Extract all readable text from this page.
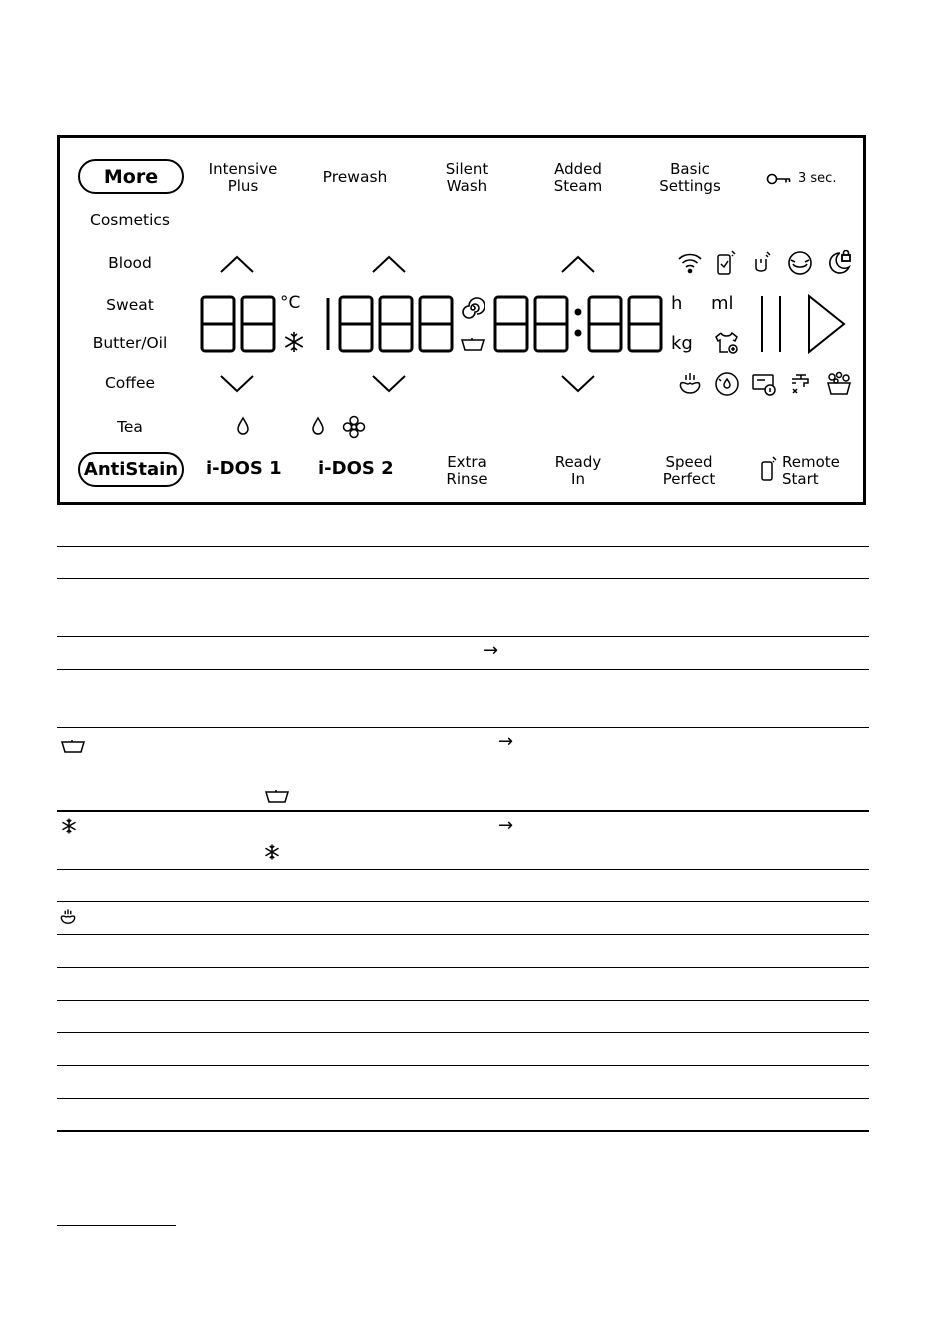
More	Intensive
Plus	Prewash	Silent
Wash
Added
Steam
Basic
Settings	3 sec.
Cosmetics
Blood
Sweat
Butter/Oil
Coffee
Tea
°C	h ml
kg
AntiStain i-DOS 1 i-DOS 2	Extra
Rinse
Ready
In
Speed
Perfect
Remote
Start
→
→
→
